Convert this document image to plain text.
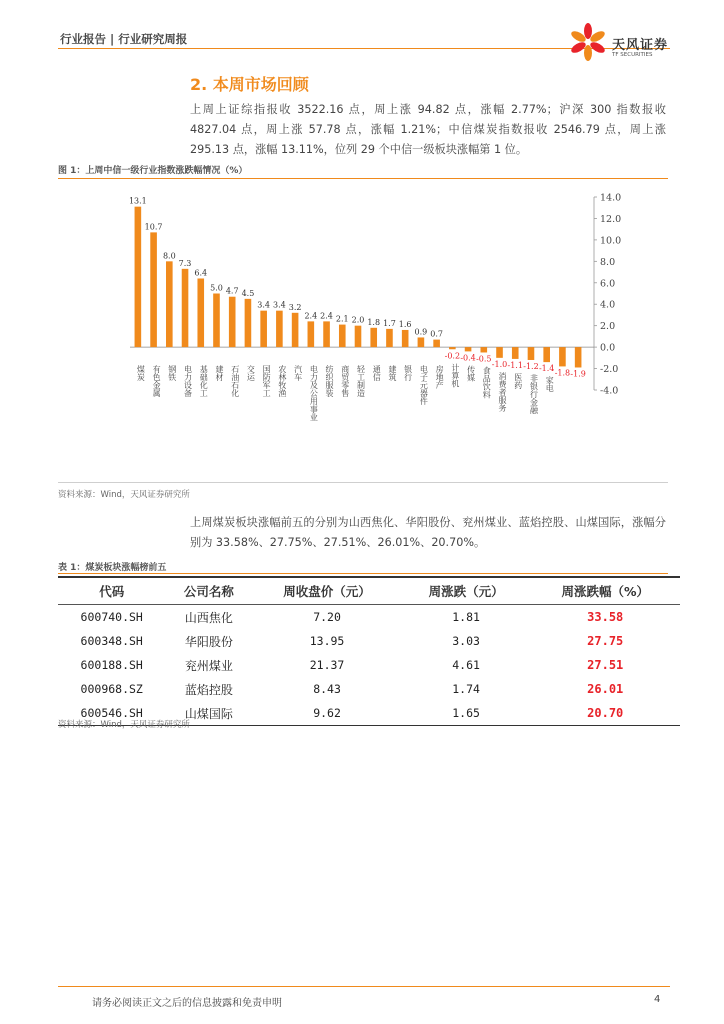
行业报告 | 行业研究周报	天风证券
TF SECURITIES
2. 本周市场回顾
上周上证综指报收 3522.16 点，周上涨 94.82 点，涨幅 2.77%；沪深 300 指数报收 4827.04 点，周上涨 57.78 点，涨幅 1.21%；中信煤炭指数报收 2546.79 点，周上涨 295.13 点，涨幅 13.11%，位列 29 个中信一级板块涨幅第 1 位。
图 1：上周中信一级行业指数涨跌幅情况（%）
14.0
12.0
10.0
8.0
6.0
4.0
2.0
0.0
-2.0
-4.0
13.1
10.7
8.0
7.3
6.4
5.0 4.7 4.5
3.4 3.4 3.2
2.4 2.4 2.1 2.0 1.8 1.7 1.6
0.9 0.7
-0.2 -0.4 -0.5
-1.0 -1.1 -1.2 -1.4 -1.8 -1.9
煤炭 有色金属 钢铁 电力设备 基础化工 建材 石油石化 交运 国防军工 农林牧渔 汽车 电力及公用事业 纺织服装 商贸零售 轻工制造 通信 建筑 银行 电子元器件 房地产 计算机 传媒 食品饮料 消费者服务 医药 非银行金融 家电
资料来源：Wind，天风证券研究所
上周煤炭板块涨幅前五的分别为山西焦化、华阳股份、兖州煤业、蓝焰控股、山煤国际，涨幅分别为 33.58%、27.75%、27.51%、26.01%、20.70%。
表 1：煤炭板块涨幅榜前五
代码	公司名称	周收盘价（元）	周涨跌（元）	周涨跌幅（%）
600740.SH	山西焦化	7.20	1.81	33.58
600348.SH	华阳股份	13.95	3.03	27.75
600188.SH	兖州煤业	21.37	4.61	27.51
000968.SZ	蓝焰控股	8.43	1.74	26.01
600546.SH	山煤国际	9.62	1.65	20.70
资料来源：Wind，天风证券研究所
请务必阅读正文之后的信息披露和免责申明	4
